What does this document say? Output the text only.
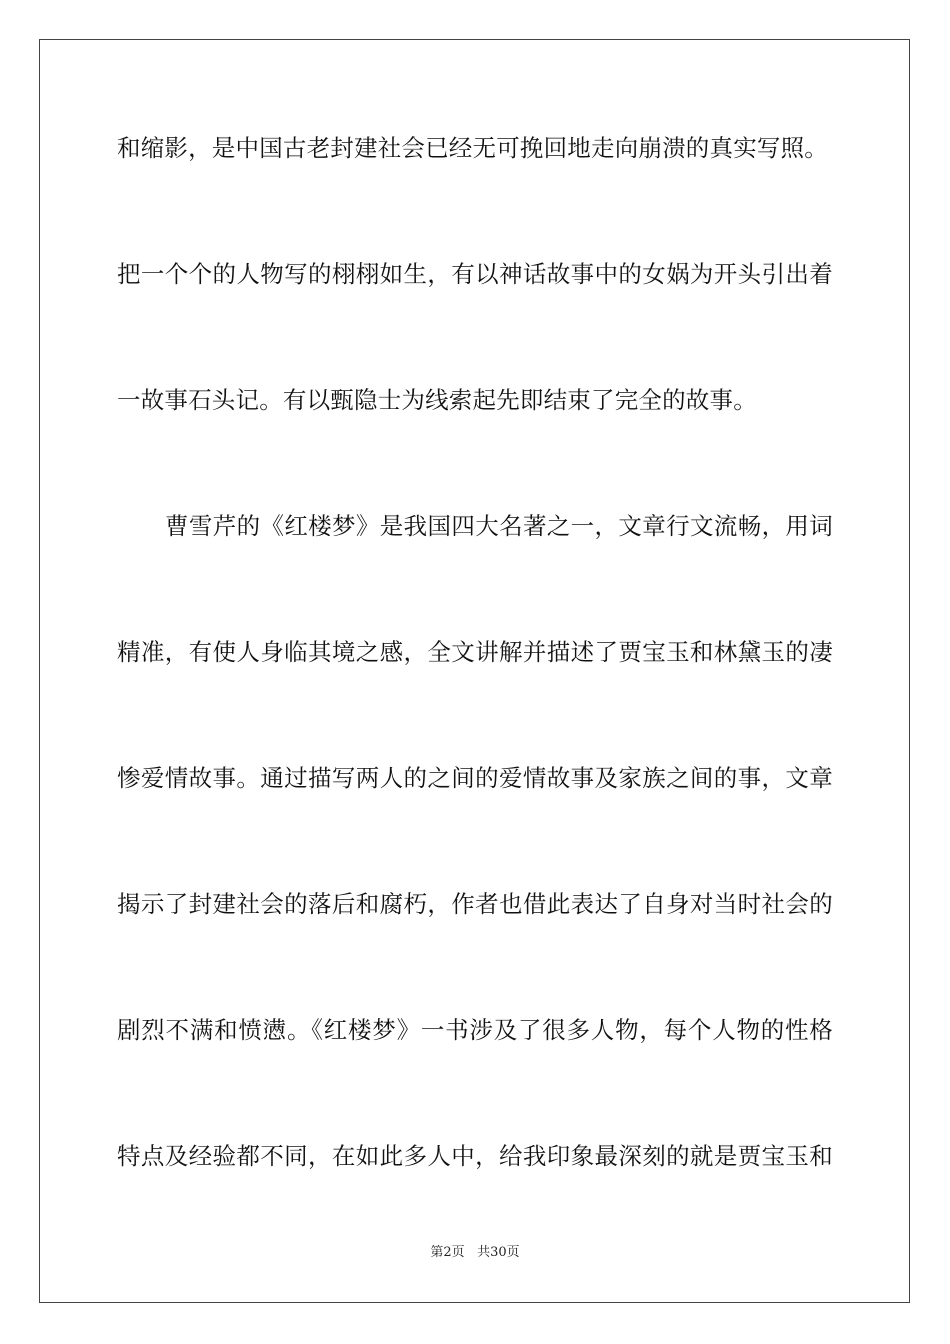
和缩影，是中国古老封建社会已经无可挽回地走向崩溃的真实写照。
把一个个的人物写的栩栩如生，有以神话故事中的女娲为开头引出着
一故事石头记。有以甄隐士为线索起先即结束了完全的故事。
曹雪芹的《红楼梦》是我国四大名著之一，文章行文流畅，用词
精准，有使人身临其境之感，全文讲解并描述了贾宝玉和林黛玉的凄
惨爱情故事。通过描写两人的之间的爱情故事及家族之间的事，文章
揭示了封建社会的落后和腐朽，作者也借此表达了自身对当时社会的
剧烈不满和愤懑。《红楼梦》一书涉及了很多人物，每个人物的性格
特点及经验都不同，在如此多人中，给我印象最深刻的就是贾宝玉和
第2页 共30页
